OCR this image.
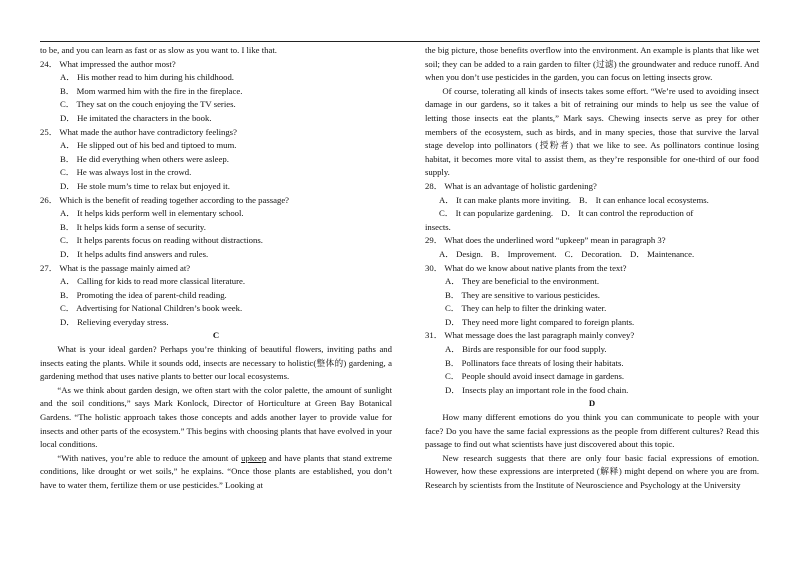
to be, and you can learn as fast or as slow as you want to. I like that.

24． What impressed the author most?

A． His mother read to him during his childhood.

B． Mom warmed him with the fire in the fireplace.

C． They sat on the couch enjoying the TV series.

D． He imitated the characters in the book.

25． What made the author have contradictory feelings?

A． He slipped out of his bed and tiptoed to mum.

B． He did everything when others were asleep.

C． He was always lost in the crowd.

D． He stole mum’s time to relax but enjoyed it.

26． Which is the benefit of reading together according to the passage?

A． It helps kids perform well in elementary school.

B． It helps kids form a sense of security.

C． It helps parents focus on reading without distractions.

D． It helps adults find answers and rules.

27． What is the passage mainly aimed at?

A． Calling for kids to read more classical literature.

B． Promoting the idea of parent-child reading.

C． Advertising for National Children’s book week.

D． Relieving everyday stress.

C

What is your ideal garden? Perhaps you’re thinking of beautiful flowers, inviting paths and insects eating the plants. While it sounds odd, insects are necessary to holistic(整体的) gardening, a gardening method that uses native plants to better our local ecosystems.

“As we think about garden design, we often start with the color palette, the amount of sunlight and the soil conditions,” says Mark Konlock, Director of Horticulture at Green Bay Botanical Gardens. “The holistic approach takes those concepts and adds another layer to provide value for insects and other parts of the ecosystem.” This begins with choosing plants that have evolved in your local conditions.

“With natives, you’re able to reduce the amount of upkeep and have plants that stand extreme conditions, like drought or wet soils,” he explains. “Once those plants are established, you don’t have to water them, fertilize them or use pesticides.” Looking at

the big picture, those benefits overflow into the environment. An example is plants that like wet soil; they can be added to a rain garden to filter (过滤) the groundwater and reduce runoff. And when you don’t use pesticides in the garden, you can focus on letting insects grow.

Of course, tolerating all kinds of insects takes some effort. “We’re used to avoiding insect damage in our gardens, so it takes a bit of retraining our minds to help us see the value of letting those insects eat the plants,” Mark says. Chewing insects serve as prey for other members of the ecosystem, such as birds, and in many species, those that survive the larval stage develop into pollinators (授粉者) that we like to see. As pollinators continue losing habitat, it becomes more vital to assist them, as they’re responsible for one-third of our food supply.

28． What is an advantage of holistic gardening?

A． It can make plants more inviting. B． It can enhance local ecosystems.
C． It can popularize gardening. D． It can control the reproduction of

insects.

29． What does the underlined word “upkeep” mean in paragraph 3?

A． Design. B． Improvement. C． Decoration. D． Maintenance.

30． What do we know about native plants from the text?

A． They are beneficial to the environment.

B． They are sensitive to various pesticides.

C． They can help to filter the drinking water.

D． They need more light compared to foreign plants.

31． What message does the last paragraph mainly convey?

A． Birds are responsible for our food supply.

B． Pollinators face threats of losing their habitats.

C． People should avoid insect damage in gardens.

D． Insects play an important role in the food chain.

D

How many different emotions do you think you can communicate to people with your face? Do you have the same facial expressions as the people from different cultures? Read this passage to find out what scientists have just discovered about this topic.

New research suggests that there are only four basic facial expressions of emotion. However, how these expressions are interpreted (解释) might depend on where you are from. Research by scientists from the Institute of Neuroscience and Psychology at the University
